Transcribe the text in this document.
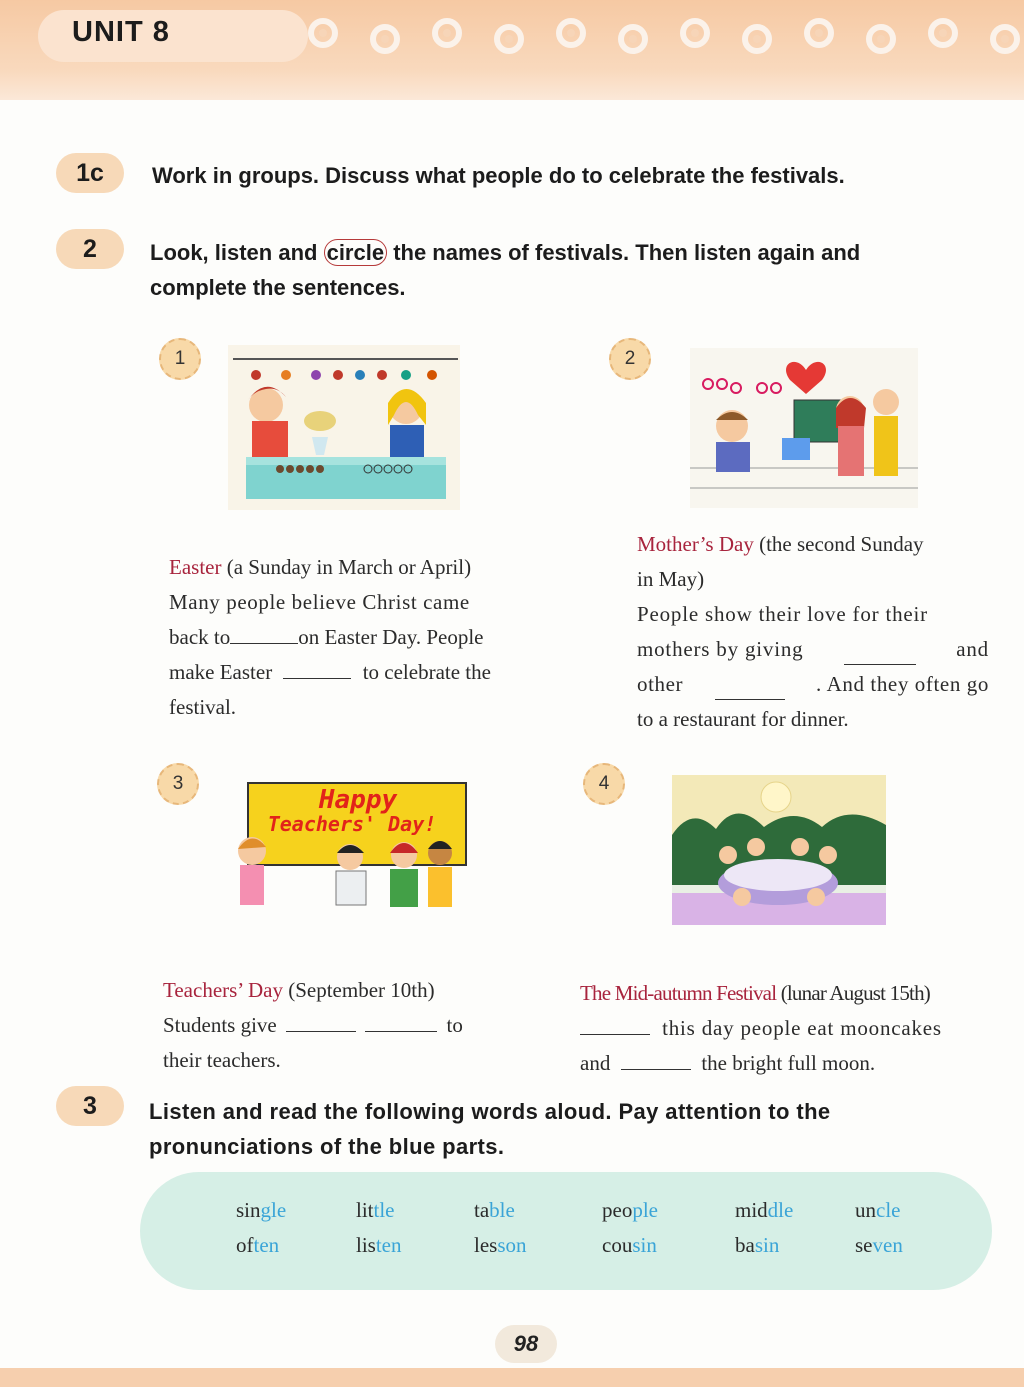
UNIT 8
1c	Work in groups. Discuss what people do to celebrate the festivals.
2	Look, listen and circle the names of festivals. Then listen again and
complete the sentences.
1
Easter (a Sunday in March or April)
Many people believe Christ came
back to	on Easter Day. People
make Easter	to celebrate the
festival.
2
Mother’s Day (the second Sunday
in May)
People show their love for their
mothers by giving	and
other	. And they often go
to a restaurant for dinner.
3
Happy
Teachers' Day!
Teachers’ Day (September 10th)
Students give	to
their teachers.
4
The Mid-autumn Festival (lunar August 15th)
this day people eat mooncakes
and	the bright full moon.
3	Listen and read the following words aloud. Pay attention to the
pronunciations of the blue parts.
single	little	table	people	middle	uncle
often	listen	lesson	cousin	basin	seven
98
